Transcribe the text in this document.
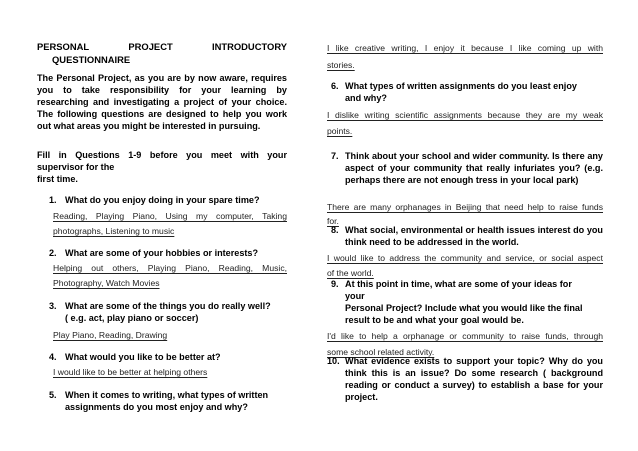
PERSONAL	PROJECT	INTRODUCTORY
QUESTIONNAIRE
The Personal Project, as you are by now aware, requires you to take responsibility for your learning by researching and investigating a project of your choice. The following questions are designed to help you work out what areas you might be interested in pursuing.
Fill in Questions 1-9 before you meet with your
supervisor for the
first time.
1. What do you enjoy doing in your spare time?
Reading, Playing Piano, Using my computer, Taking
photographs, Listening to music
2. What are some of your hobbies or interests?
Helping out others, Playing Piano, Reading, Music,
Photography, Watch Movies
3. What are some of the things you do really well?
( e.g. act, play piano or soccer)
Play Piano, Reading, Drawing
4. What would you like to be better at?
I would like to be better at helping others
5. When it comes to writing, what types of written
assignments do you most enjoy and why?
I like creative writing, I enjoy it because I like coming up with
stories.
6. What types of written assignments do you least enjoy
and why?
I dislike writing scientific assignments because they are my weak
points.
7. Think about your school and wider community. Is there any aspect of your community that really infuriates you? (e.g. perhaps there are not enough tress in your local park)
There are many orphanages in Beijing that need help to raise funds
for.
8. What social, environmental or health issues interest do you think need to be addressed in the world.
I would like to address the community and service, or social aspect
of the world.
9. At this point in time, what are some of your ideas for
your
Personal Project? Include what you would like the final
result to be and what your goal would be.
I'd like to help a orphanage or community to raise funds, through
some school related activity.
10. What evidence exists to support your topic? Why do you think this is an issue? Do some research ( background reading or conduct a survey) to establish a base for your project.
